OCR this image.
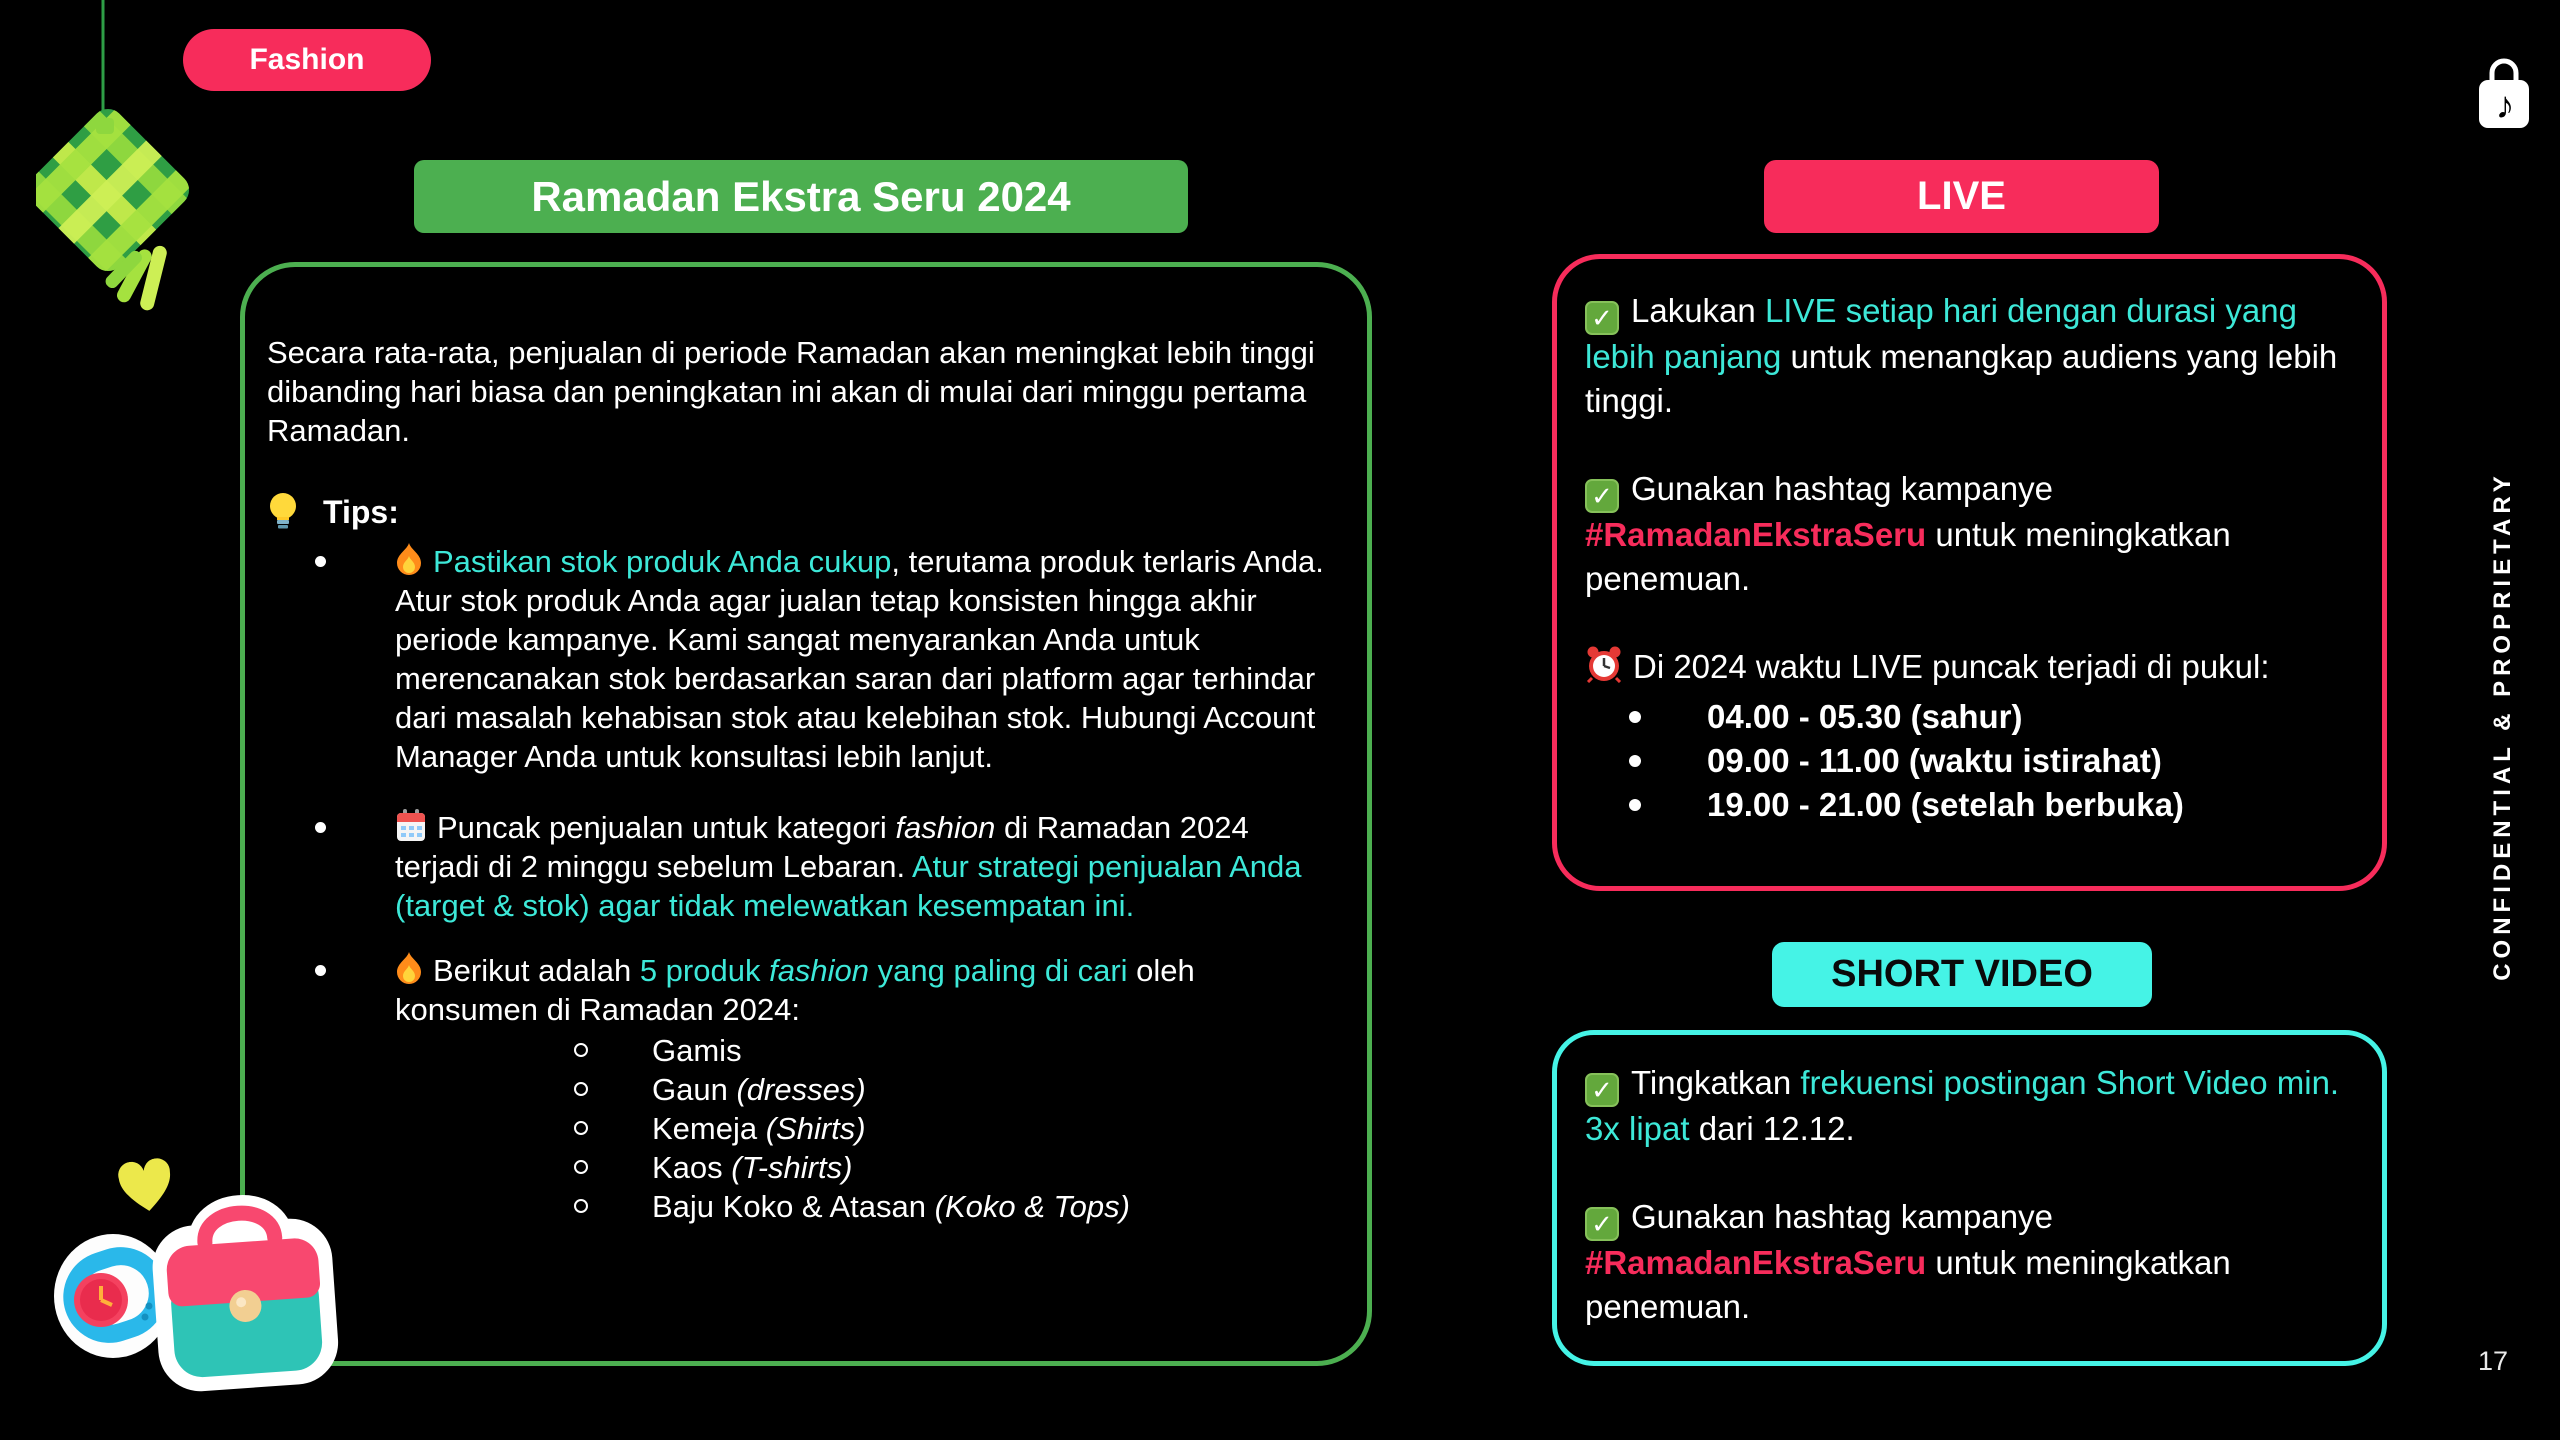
Fashion
♪
Ramadan Ekstra Seru 2024

Secara rata-rata, penjualan di periode Ramadan akan meningkat lebih tinggi dibanding hari biasa dan peningkatan ini akan di mulai dari minggu pertama Ramadan.

Tips:
Pastikan stok produk Anda cukup, terutama produk terlaris Anda. Atur stok produk Anda agar jualan tetap konsisten hingga akhir periode kampanye. Kami sangat menyarankan Anda untuk merencanakan stok berdasarkan saran dari platform agar terhindar dari masalah kehabisan stok atau kelebihan stok. Hubungi Account Manager Anda untuk konsultasi lebih lanjut.
Puncak penjualan untuk kategori fashion di Ramadan 2024 terjadi di 2 minggu sebelum Lebaran. Atur strategi penjualan Anda (target & stok) agar tidak melewatkan kesempatan ini.
Berikut adalah 5 produk fashion yang paling di cari oleh konsumen di Ramadan 2024:
Gamis
Gaun (dresses)
Kemeja (Shirts)
Kaos (T-shirts)
Baju Koko & Atasan (Koko & Tops)
LIVE

✓ Lakukan LIVE setiap hari dengan durasi yang lebih panjang untuk menangkap audiens yang lebih tinggi.

✓ Gunakan hashtag kampanye #RamadanEkstraSeru untuk meningkatkan penemuan.

Di 2024 waktu LIVE puncak terjadi di pukul:

04.00 - 05.30 (sahur)
09.00 - 11.00 (waktu istirahat)
19.00 - 21.00 (setelah berbuka)
SHORT VIDEO

✓ Tingkatkan frekuensi postingan Short Video min. 3x lipat dari 12.12.

✓ Gunakan hashtag kampanye #RamadanEkstraSeru untuk meningkatkan penemuan.

CONFIDENTIAL & PROPRIETARY
17
